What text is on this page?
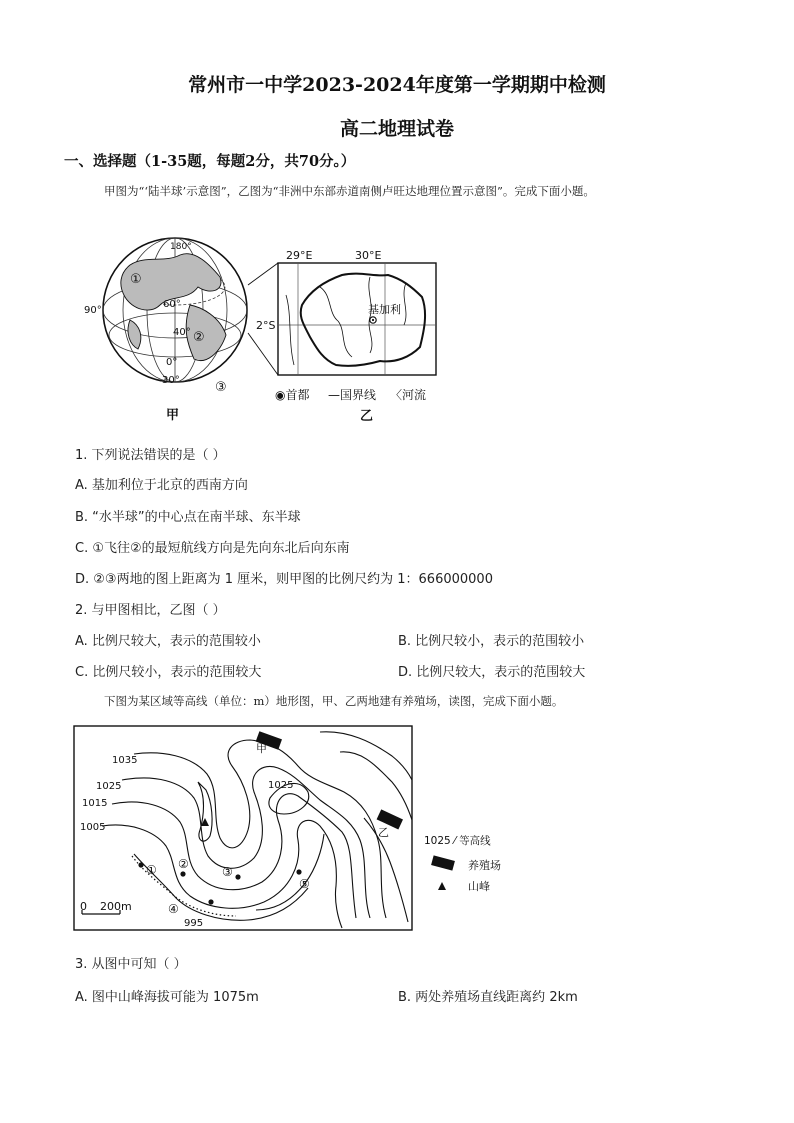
常州市一中学2023-2024年度第一学期期中检测
高二地理试卷
一、选择题（1-35题，每题2分，共70分。）
甲图为“‘陆半球’示意图”，乙图为“非洲中东部赤道南侧卢旺达地理位置示意图”。完成下面小题。
180°
90°
60°
40°
0°
30°
①
②
③
甲
29°E	30°E
2°S
基加利
◉首都 —国界线 〈河流
乙
1. 下列说法错误的是（ ）
A. 基加利位于北京的西南方向
B. “水半球”的中心点在南半球、东半球
C. ①飞往②的最短航线方向是先向东北后向东南
D. ②③两地的图上距离为 1 厘米，则甲图的比例尺约为 1：666000000
2. 与甲图相比，乙图（ ）
A. 比例尺较大，表示的范围较小	B. 比例尺较小，表示的范围较小
C. 比例尺较小，表示的范围较大	D. 比例尺较大，表示的范围较大
下图为某区域等高线（单位：m）地形图，甲、乙两地建有养殖场，读图，完成下面小题。
1035
1025
1015
1005
1025
995
甲
乙
① ②
③
④
⑤
0 200m
1025 ⁄ 等高线
养殖场
山峰
3. 从图中可知（ ）
A. 图中山峰海拔可能为 1075m	B. 两处养殖场直线距离约 2km
